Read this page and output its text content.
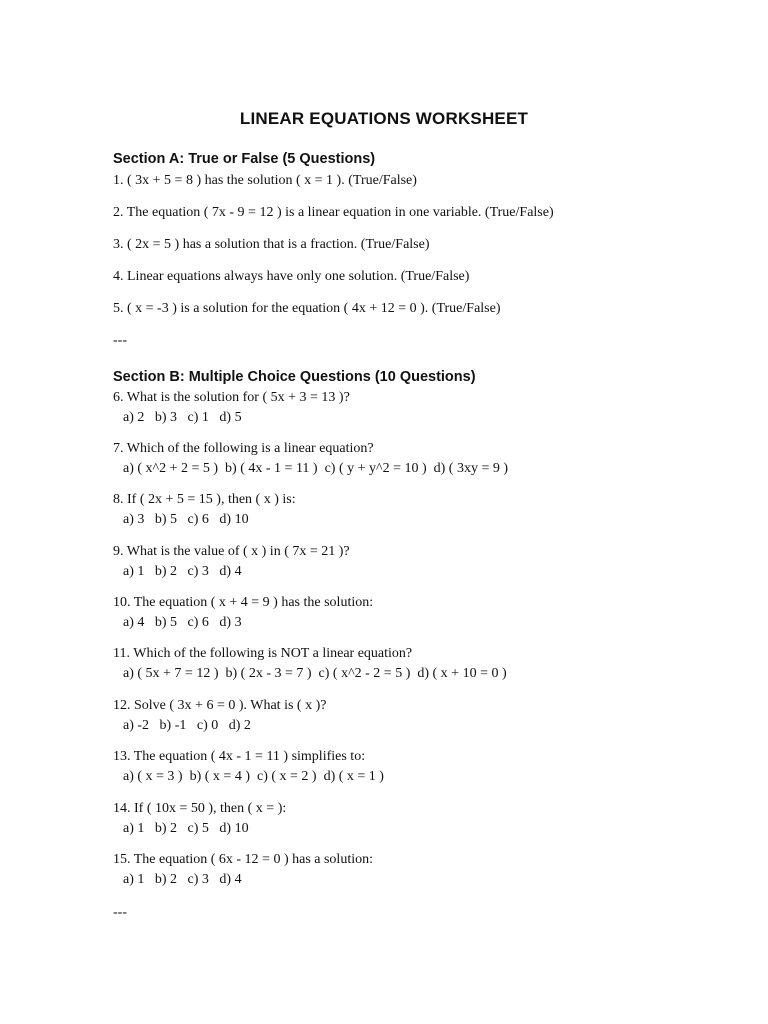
LINEAR EQUATIONS WORKSHEET
Section A: True or False (5 Questions)
1. ( 3x + 5 = 8 ) has the solution ( x = 1 ). (True/False)
2. The equation ( 7x - 9 = 12 ) is a linear equation in one variable. (True/False)
3. ( 2x = 5 ) has a solution that is a fraction. (True/False)
4. Linear equations always have only one solution. (True/False)
5. ( x = -3 ) is a solution for the equation ( 4x + 12 = 0 ). (True/False)
---
Section B: Multiple Choice Questions (10 Questions)
6. What is the solution for ( 5x + 3 = 13 )?
a) 2   b) 3   c) 1   d) 5
7. Which of the following is a linear equation?
a) ( x^2 + 2 = 5 )  b) ( 4x - 1 = 11 )  c) ( y + y^2 = 10 )  d) ( 3xy = 9 )
8. If ( 2x + 5 = 15 ), then ( x ) is:
a) 3   b) 5   c) 6   d) 10
9. What is the value of ( x ) in ( 7x = 21 )?
a) 1   b) 2   c) 3   d) 4
10. The equation ( x + 4 = 9 ) has the solution:
a) 4   b) 5   c) 6   d) 3
11. Which of the following is NOT a linear equation?
a) ( 5x + 7 = 12 )  b) ( 2x - 3 = 7 )  c) ( x^2 - 2 = 5 )  d) ( x + 10 = 0 )
12. Solve ( 3x + 6 = 0 ). What is ( x )?
a) -2   b) -1   c) 0   d) 2
13. The equation ( 4x - 1 = 11 ) simplifies to:
a) ( x = 3 )  b) ( x = 4 )  c) ( x = 2 )  d) ( x = 1 )
14. If ( 10x = 50 ), then ( x = ):
a) 1   b) 2   c) 5   d) 10
15. The equation ( 6x - 12 = 0 ) has a solution:
a) 1   b) 2   c) 3   d) 4
---
